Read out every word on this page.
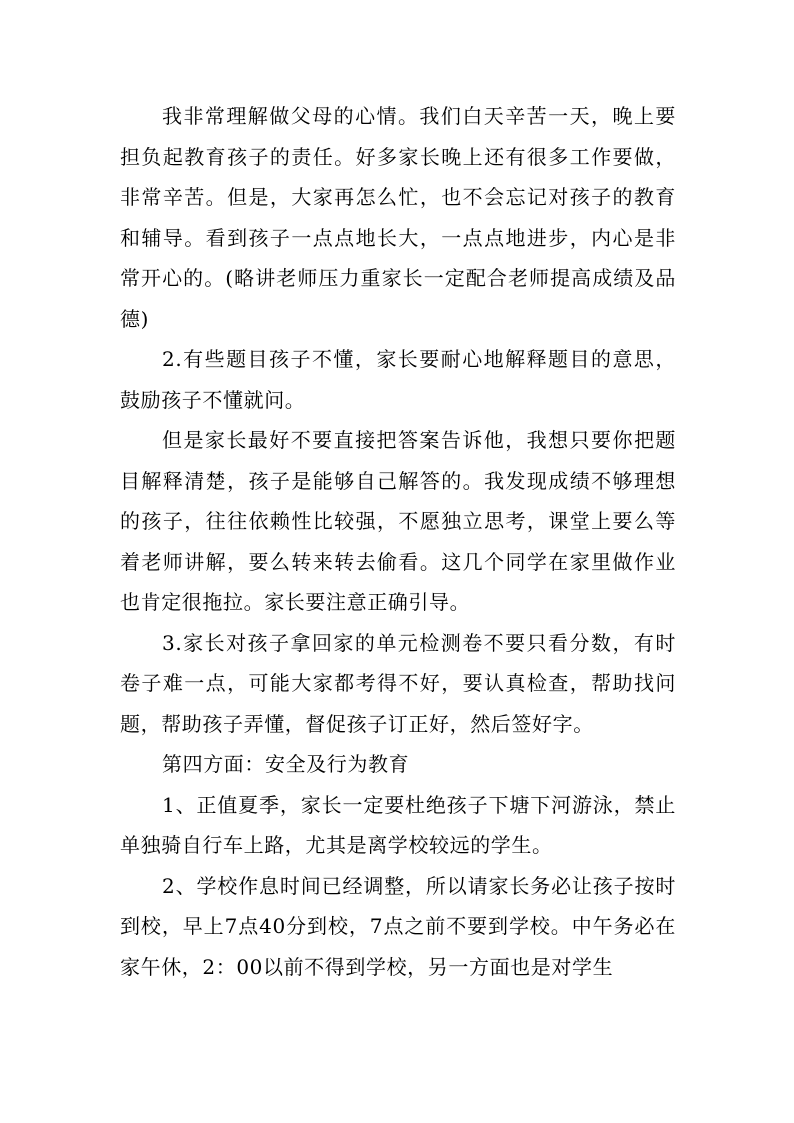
我非常理解做父母的心情。我们白天辛苦一天，晚上要担负起教育孩子的责任。好多家长晚上还有很多工作要做，非常辛苦。但是，大家再怎么忙，也不会忘记对孩子的教育和辅导。看到孩子一点点地长大，一点点地进步，内心是非常开心的。(略讲老师压力重家长一定配合老师提高成绩及品德)

2.有些题目孩子不懂，家长要耐心地解释题目的意思，鼓励孩子不懂就问。

但是家长最好不要直接把答案告诉他，我想只要你把题目解释清楚，孩子是能够自己解答的。我发现成绩不够理想的孩子，往往依赖性比较强，不愿独立思考，课堂上要么等着老师讲解，要么转来转去偷看。这几个同学在家里做作业也肯定很拖拉。家长要注意正确引导。

3.家长对孩子拿回家的单元检测卷不要只看分数，有时卷子难一点，可能大家都考得不好，要认真检查，帮助找问题，帮助孩子弄懂，督促孩子订正好，然后签好字。

第四方面：安全及行为教育

1、正值夏季，家长一定要杜绝孩子下塘下河游泳，禁止单独骑自行车上路，尤其是离学校较远的学生。

2、学校作息时间已经调整，所以请家长务必让孩子按时到校，早上7点40分到校，7点之前不要到学校。中午务必在家午休，2：00以前不得到学校，另一方面也是对学生
